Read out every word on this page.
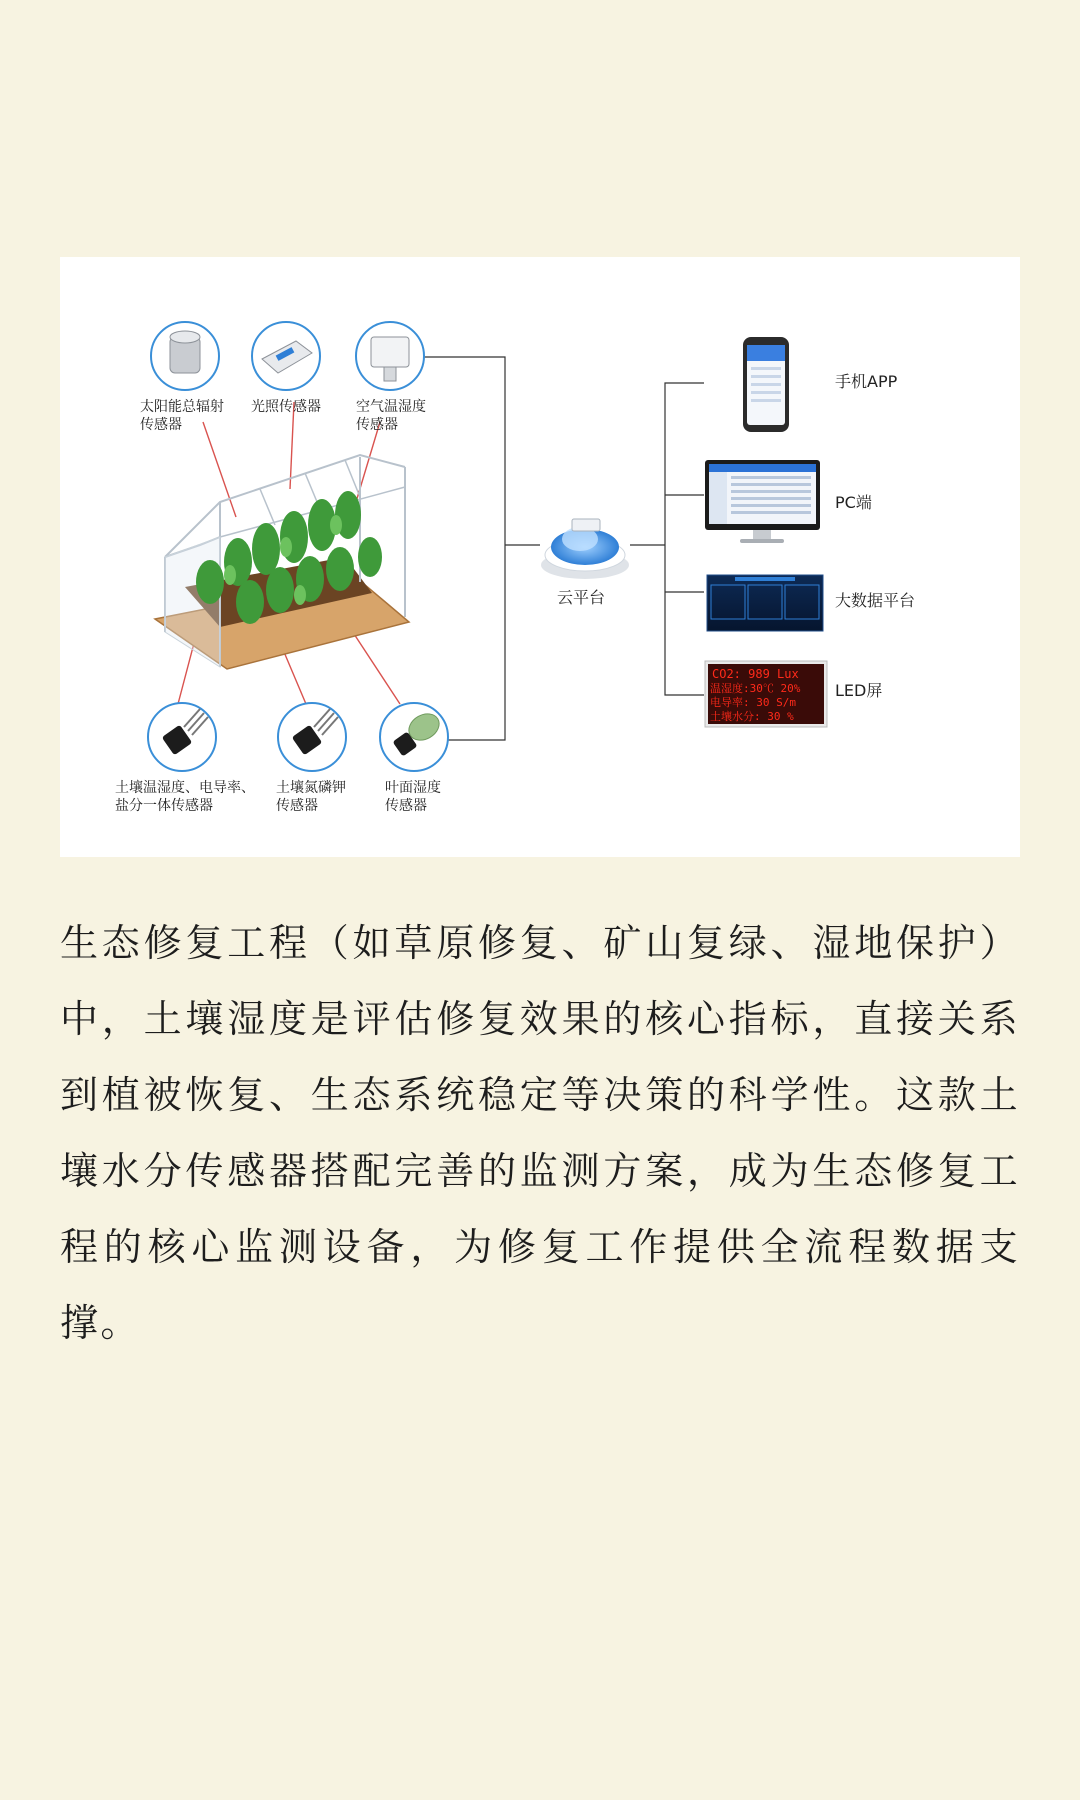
CO2: 989 Lux
温湿度:30℃ 20%
电导率: 30 S/m
土壤水分: 30 %
太阳能总辐射
传感器
光照传感器	空气温湿度
传感器
土壤温湿度、电导率、
盐分一体传感器
土壤氮磷钾
传感器
叶面湿度
传感器
云平台
手机APP
PC端
大数据平台
LED屏

生态修复工程（如草原修复、矿山复绿、湿地保护）中，土壤湿度是评估修复效果的核心指标，直接关系到植被恢复、生态系统稳定等决策的科学性。这款土壤水分传感器搭配完善的监测方案，成为生态修复工程的核心监测设备，为修复工作提供全流程数据支撑。
